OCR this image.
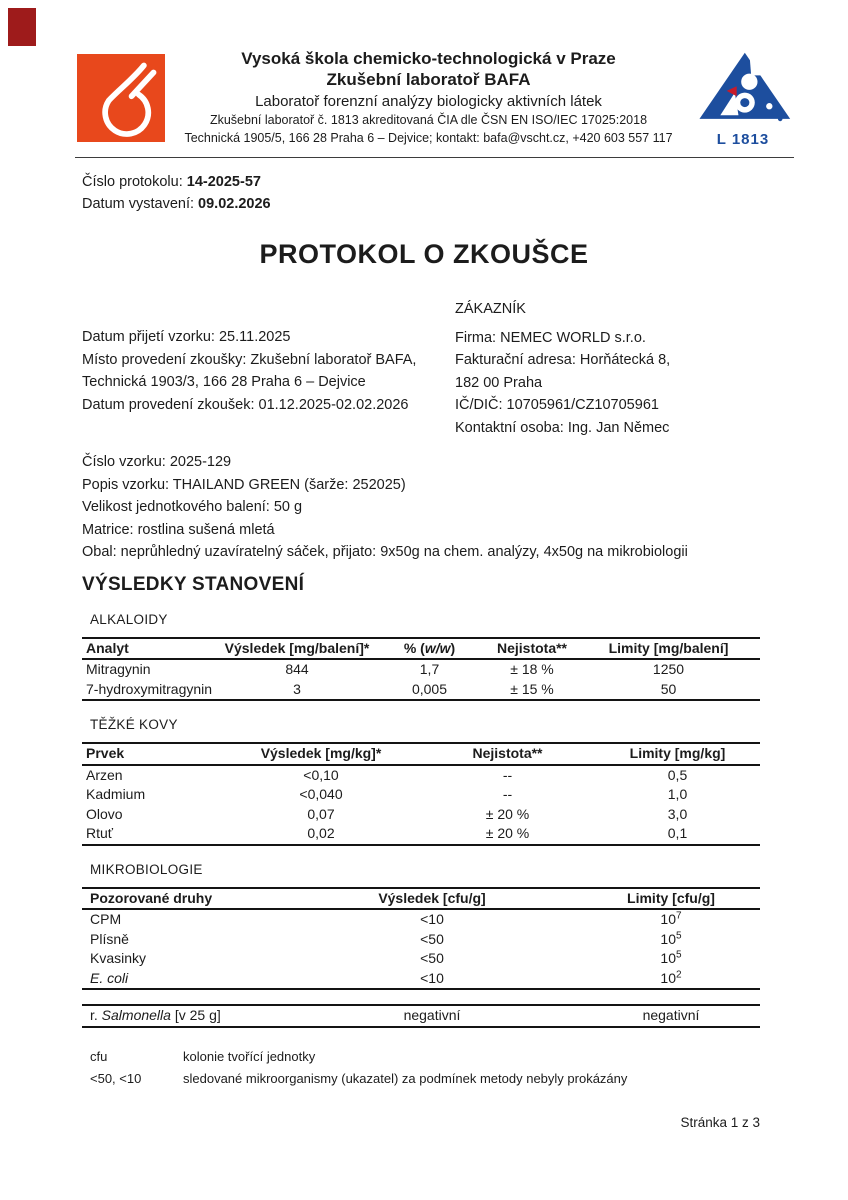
Vysoká škola chemicko-technologická v Praze
Zkušební laboratoř BAFA
Laboratoř forenzní analýzy biologicky aktivních látek
Zkušební laboratoř č. 1813 akreditovaná ČIA dle ČSN EN ISO/IEC 17025:2018
Technická 1905/5, 166 28 Praha 6 – Dejvice; kontakt: bafa@vscht.cz, +420 603 557 117	L 1813
Číslo protokolu: 14-2025-57
Datum vystavení: 09.02.2026
PROTOKOL O ZKOUŠCE
Datum přijetí vzorku: 25.11.2025
Místo provedení zkoušky: Zkušební laboratoř BAFA,
Technická 1903/3, 166 28 Praha 6 – Dejvice
Datum provedení zkoušek: 01.12.2025-02.02.2026
ZÁKAZNÍK
Firma: NEMEC WORLD s.r.o.
Fakturační adresa: Horňátecká 8,
182 00 Praha
IČ/DIČ: 10705961/CZ10705961
Kontaktní osoba: Ing. Jan Němec
Číslo vzorku: 2025-129
Popis vzorku: THAILAND GREEN (šarže: 252025)
Velikost jednotkového balení: 50 g
Matrice: rostlina sušená mletá
Obal: neprůhledný uzavíratelný sáček, přijato: 9x50g na chem. analýzy, 4x50g na mikrobiologii
VÝSLEDKY STANOVENÍ
ALKALOIDY
Analyt	Výsledek [mg/balení]*	% (w/w)	Nejistota**	Limity [mg/balení]
Mitragynin	844	1,7	± 18 %	1250
7-hydroxymitragynin	3	0,005	± 15 %	50
TĚŽKÉ KOVY
Prvek	Výsledek [mg/kg]*	Nejistota**	Limity [mg/kg]
Arzen	<0,10	--	0,5
Kadmium	<0,040	--	1,0
Olovo	0,07	± 20 %	3,0
Rtuť	0,02	± 20 %	0,1
MIKROBIOLOGIE
Pozorované druhy	Výsledek [cfu/g]	Limity [cfu/g]
CPM	<10	$10^7$
Plísně	<50	$10^5$
Kvasinky	<50	$10^5$
E. coli	<10	$10^2$
r. Salmonella [v 25 g]	negativní	negativní
cfu	kolonie tvořící jednotky
<50, <10	sledované mikroorganismy (ukazatel) za podmínek metody nebyly prokázány
Stránka 1 z 3
